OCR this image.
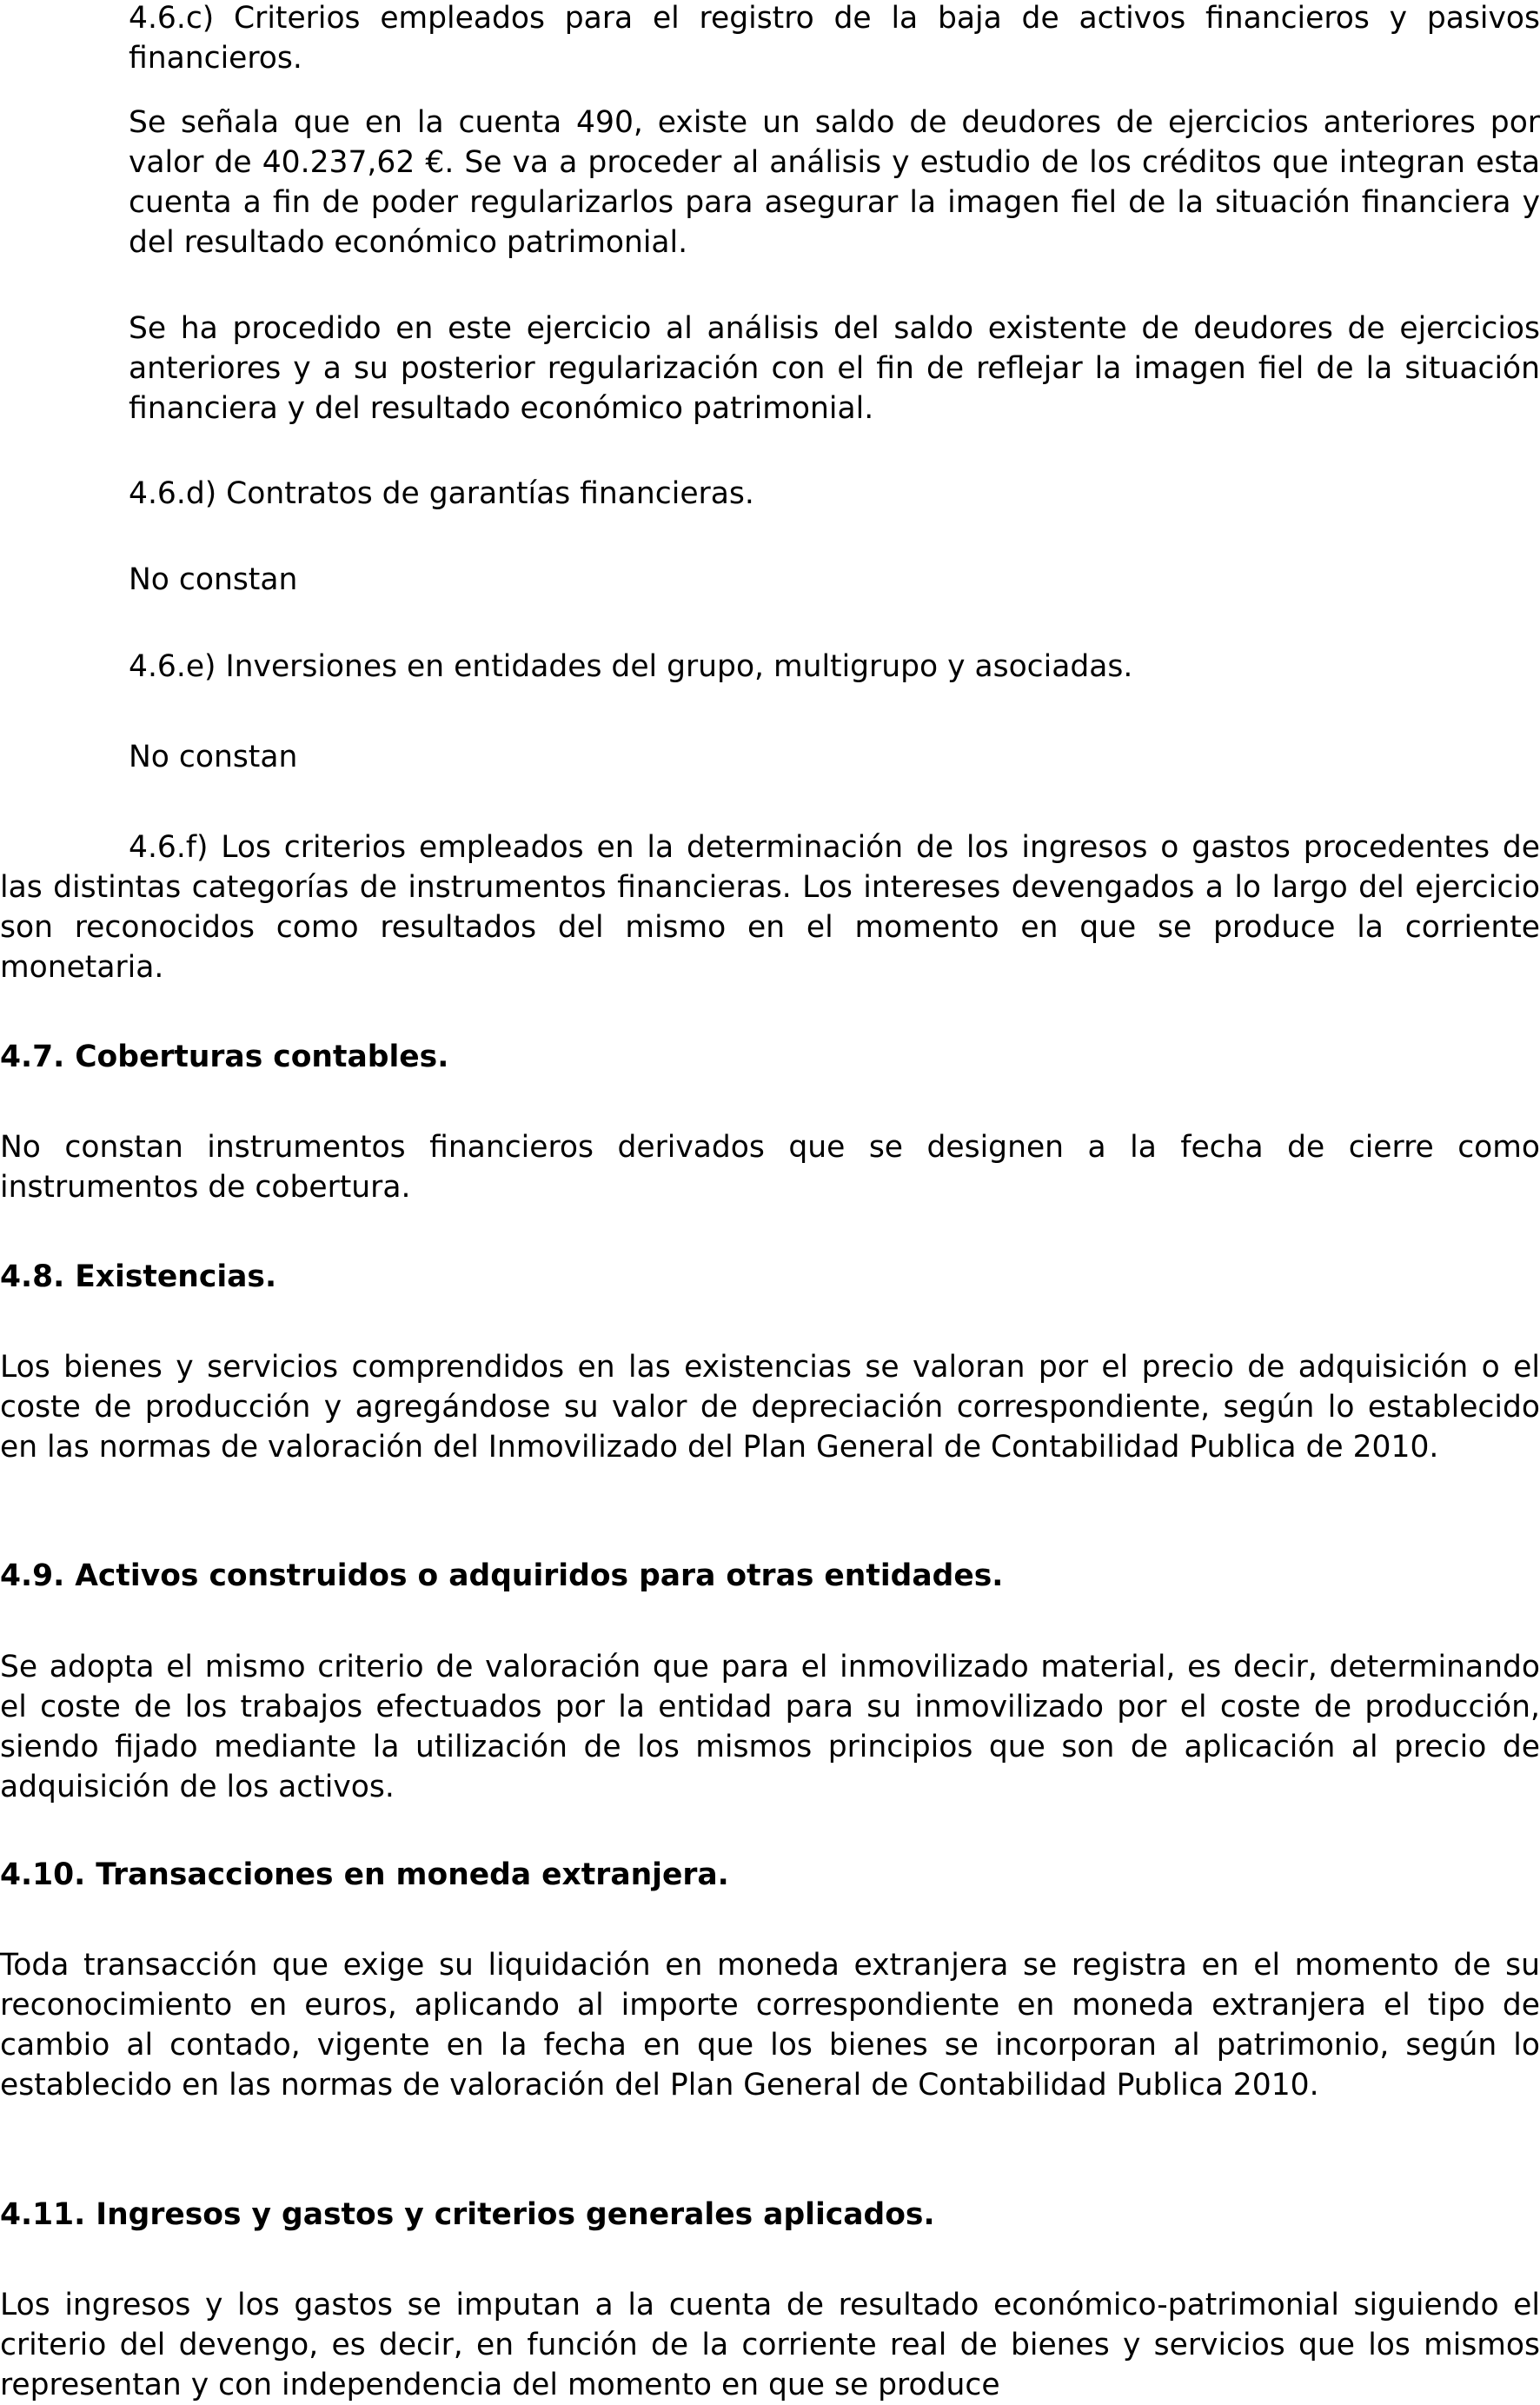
4.6.c) Criterios empleados para el registro de la baja de activos financieros y pasivos financieros.

Se señala que en la cuenta 490, existe un saldo de deudores de ejercicios anteriores por valor de 40.237,62 €. Se va a proceder al análisis y estudio de los créditos que integran esta cuenta a fin de poder regularizarlos para asegurar la imagen fiel de la situación financiera y del resultado económico patrimonial.

Se ha procedido en este ejercicio al análisis del saldo existente de deudores de ejercicios anteriores y a su posterior regularización con el fin de reflejar la imagen fiel de la situación financiera y del resultado económico patrimonial.

4.6.d) Contratos de garantías financieras.

No constan

4.6.e) Inversiones en entidades del grupo, multigrupo y asociadas.

No constan

4.6.f) Los criterios empleados en la determinación de los ingresos o gastos procedentes de las distintas categorías de instrumentos financieras. Los intereses devengados a lo largo del ejercicio son reconocidos como resultados del mismo en el momento en que se produce la corriente monetaria.

4.7. Coberturas contables.

No constan instrumentos financieros derivados que se designen a la fecha de cierre como instrumentos de cobertura.

4.8. Existencias.

Los bienes y servicios comprendidos en las existencias se valoran por el precio de adquisición o el coste de producción y agregándose su valor de depreciación correspondiente, según lo establecido en las normas de valoración del Inmovilizado del Plan General de Contabilidad Publica de 2010.

4.9. Activos construidos o adquiridos para otras entidades.

Se adopta el mismo criterio de valoración que para el inmovilizado material, es decir, determinando el coste de los trabajos efectuados por la entidad para su inmovilizado por el coste de producción, siendo fijado mediante la utilización de los mismos principios que son de aplicación al precio de adquisición de los activos.

4.10. Transacciones en moneda extranjera.

Toda transacción que exige su liquidación en moneda extranjera se registra en el momento de su reconocimiento en euros, aplicando al importe correspondiente en moneda extranjera el tipo de cambio al contado, vigente en la fecha en que los bienes se incorporan al patrimonio, según lo establecido en las normas de valoración del Plan General de Contabilidad Publica 2010.

4.11. Ingresos y gastos y criterios generales aplicados.

Los ingresos y los gastos se imputan a la cuenta de resultado económico-patrimonial siguiendo el criterio del devengo, es decir, en función de la corriente real de bienes y servicios que los mismos representan y con independencia del momento en que se produce
